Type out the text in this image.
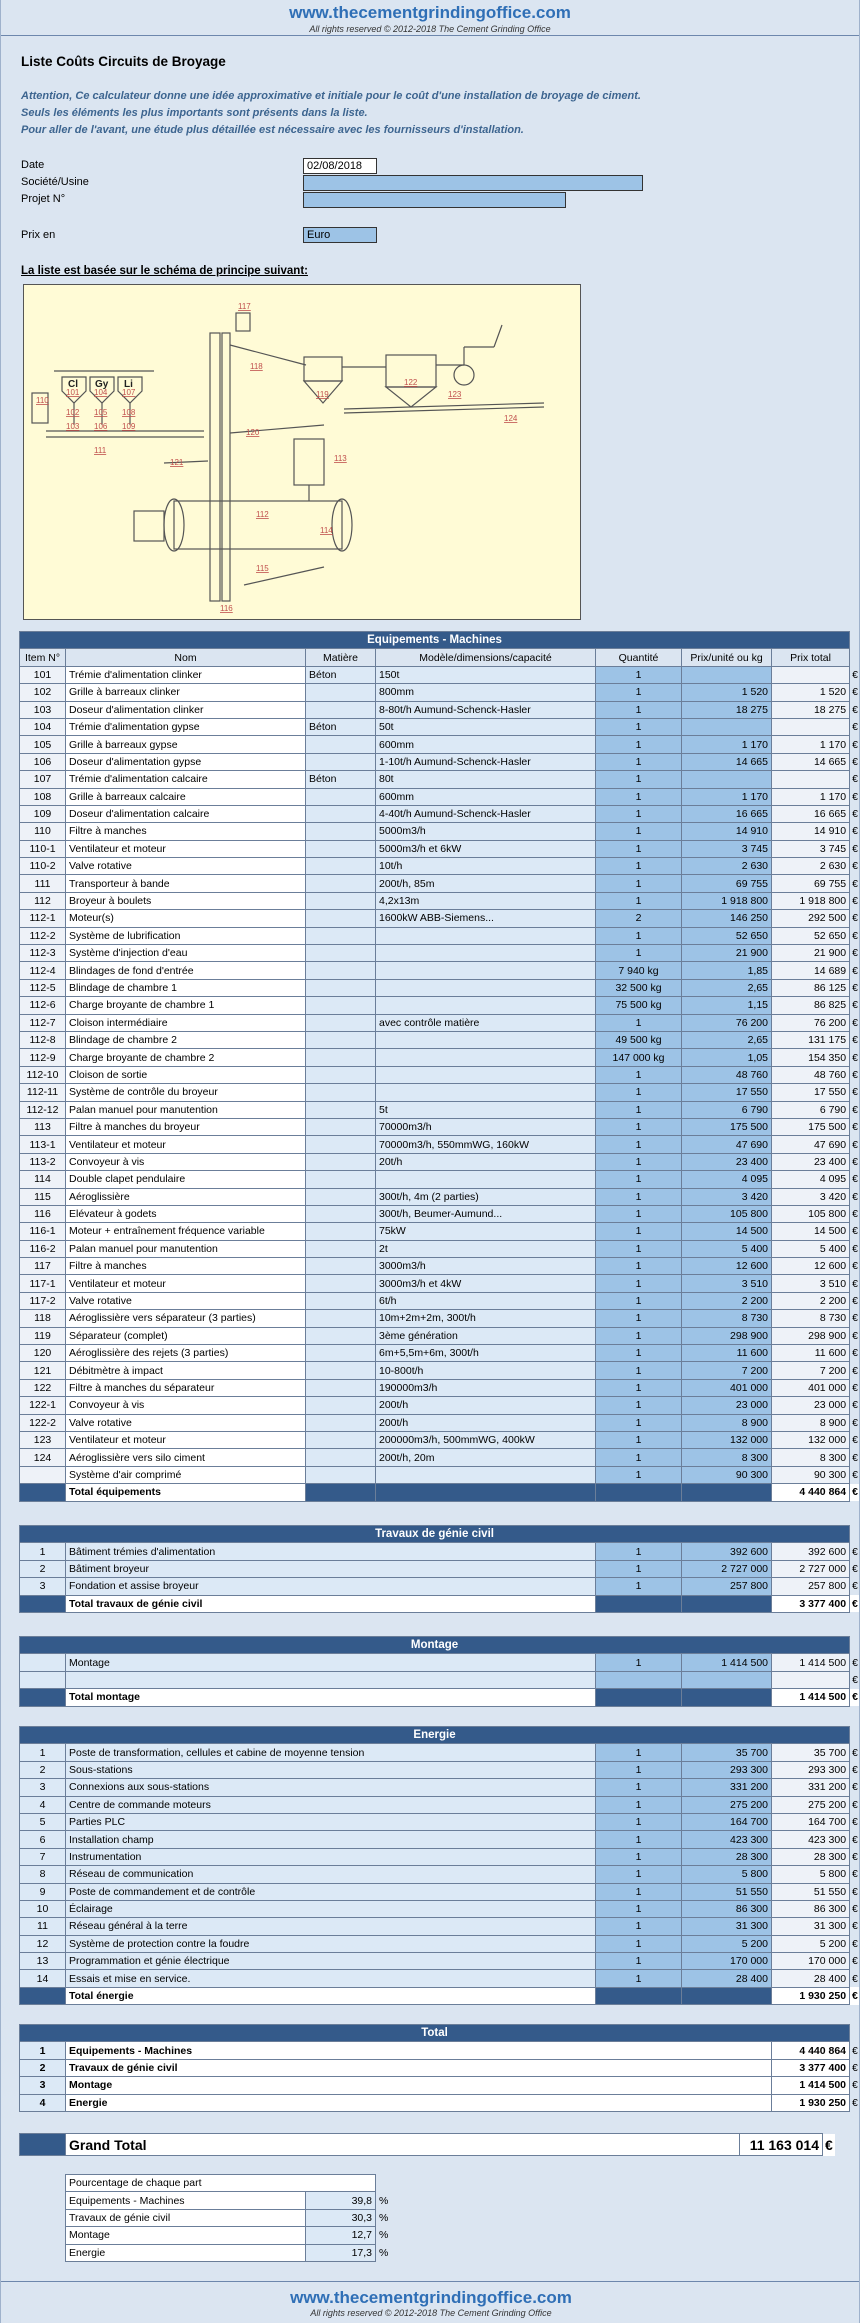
www.thecementgrindingoffice.com
All rights reserved © 2012-2018 The Cement Grinding Office
Liste Coûts Circuits de Broyage
Attention, Ce calculateur donne une idée approximative et initiale pour le coût d'une installation de broyage de ciment.
Seuls les éléments les plus importants sont présents dans la liste.
Pour aller de l'avant, une étude plus détaillée est nécessaire avec les fournisseurs d'installation.
Date	02/08/2018
Société/Usine
Projet N°
Prix en	Euro
La liste est basée sur le schéma de principe suivant:
117
118
119
122
123
124
110
120
121	113
112
114
115
116
101 104 107
102 105 108
103 106 109
111
Cl Gy Li
Equipements - Machines							
Item N°	Nom	Matière	Modèle/dimensions/capacité	Quantité	Prix/unité ou kg	Prix total	
101	Trémie d'alimentation clinker	Béton	150t	1			€
102	Grille à barreaux clinker		800mm	1	1 520	1 520	€
103	Doseur d'alimentation clinker		8-80t/h Aumund-Schenck-Hasler	1	18 275	18 275	€
104	Trémie d'alimentation gypse	Béton	50t	1			€
105	Grille à barreaux gypse		600mm	1	1 170	1 170	€
106	Doseur d'alimentation gypse		1-10t/h Aumund-Schenck-Hasler	1	14 665	14 665	€
107	Trémie d'alimentation calcaire	Béton	80t	1			€
108	Grille à barreaux calcaire		600mm	1	1 170	1 170	€
109	Doseur d'alimentation calcaire		4-40t/h Aumund-Schenck-Hasler	1	16 665	16 665	€
110	Filtre à manches		5000m3/h	1	14 910	14 910	€
110-1	Ventilateur et moteur		5000m3/h et 6kW	1	3 745	3 745	€
110-2	Valve rotative		10t/h	1	2 630	2 630	€
111	Transporteur à bande		200t/h, 85m	1	69 755	69 755	€
112	Broyeur à boulets		4,2x13m	1	1 918 800	1 918 800	€
112-1	Moteur(s)		1600kW ABB-Siemens...	2	146 250	292 500	€
112-2	Système de lubrification			1	52 650	52 650	€
112-3	Système d'injection d'eau			1	21 900	21 900	€
112-4	Blindages de fond d'entrée			7 940 kg	1,85	14 689	€
112-5	Blindage de chambre 1			32 500 kg	2,65	86 125	€
112-6	Charge broyante de chambre 1			75 500 kg	1,15	86 825	€
112-7	Cloison intermédiaire		avec contrôle matière	1	76 200	76 200	€
112-8	Blindage de chambre 2			49 500 kg	2,65	131 175	€
112-9	Charge broyante de chambre 2			147 000 kg	1,05	154 350	€
112-10	Cloison de sortie			1	48 760	48 760	€
112-11	Système de contrôle du broyeur			1	17 550	17 550	€
112-12	Palan manuel pour manutention		5t	1	6 790	6 790	€
113	Filtre à manches du broyeur		70000m3/h	1	175 500	175 500	€
113-1	Ventilateur et moteur		70000m3/h, 550mmWG, 160kW	1	47 690	47 690	€
113-2	Convoyeur à vis		20t/h	1	23 400	23 400	€
114	Double clapet pendulaire			1	4 095	4 095	€
115	Aéroglissière		300t/h, 4m (2 parties)	1	3 420	3 420	€
116	Elévateur à godets		300t/h, Beumer-Aumund...	1	105 800	105 800	€
116-1	Moteur + entraînement fréquence variable		75kW	1	14 500	14 500	€
116-2	Palan manuel pour manutention		2t	1	5 400	5 400	€
117	Filtre à manches		3000m3/h	1	12 600	12 600	€
117-1	Ventilateur et moteur		3000m3/h et 4kW	1	3 510	3 510	€
117-2	Valve rotative		6t/h	1	2 200	2 200	€
118	Aéroglissière vers séparateur (3 parties)		10m+2m+2m, 300t/h	1	8 730	8 730	€
119	Séparateur (complet)		3ème génération	1	298 900	298 900	€
120	Aéroglissière des rejets (3 parties)		6m+5,5m+6m, 300t/h	1	11 600	11 600	€
121	Débitmètre à impact		10-800t/h	1	7 200	7 200	€
122	Filtre à manches du séparateur		190000m3/h	1	401 000	401 000	€
122-1	Convoyeur à vis		200t/h	1	23 000	23 000	€
122-2	Valve rotative		200t/h	1	8 900	8 900	€
123	Ventilateur et moteur		200000m3/h, 500mmWG, 400kW	1	132 000	132 000	€
124	Aéroglissière vers silo ciment		200t/h, 20m	1	8 300	8 300	€
	Système d'air comprimé			1	90 300	90 300	€
	Total équipements					4 440 864	€
Travaux de génie civil					
1	Bâtiment trémies d'alimentation	1	392 600	392 600	€
2	Bâtiment broyeur	1	2 727 000	2 727 000	€
3	Fondation et assise broyeur	1	257 800	257 800	€
	Total travaux de génie civil			3 377 400	€
Montage					
	Montage	1	1 414 500	1 414 500	€
					€
	Total montage			1 414 500	€
Energie					
1	Poste de transformation, cellules et cabine de moyenne tension	1	35 700	35 700	€
2	Sous-stations	1	293 300	293 300	€
3	Connexions aux sous-stations	1	331 200	331 200	€
4	Centre de commande moteurs	1	275 200	275 200	€
5	Parties PLC	1	164 700	164 700	€
6	Installation champ	1	423 300	423 300	€
7	Instrumentation	1	28 300	28 300	€
8	Réseau de communication	1	5 800	5 800	€
9	Poste de commandement et de contrôle	1	51 550	51 550	€
10	Éclairage	1	86 300	86 300	€
11	Réseau général à la terre	1	31 300	31 300	€
12	Système de protection contre la foudre	1	5 200	5 200	€
13	Programmation et génie électrique	1	170 000	170 000	€
14	Essais et mise en service.	1	28 400	28 400	€
	Total énergie			1 930 250	€
Total			
1	Equipements - Machines	4 440 864	€
2	Travaux de génie civil	3 377 400	€
3	Montage	1 414 500	€
4	Energie	1 930 250	€
	Grand Total	11 163 014	€
Pourcentage de chaque part		
Equipements - Machines	39,8	%
Travaux de génie civil	30,3	%
Montage	12,7	%
Energie	17,3	%
www.thecementgrindingoffice.com
All rights reserved © 2012-2018 The Cement Grinding Office
